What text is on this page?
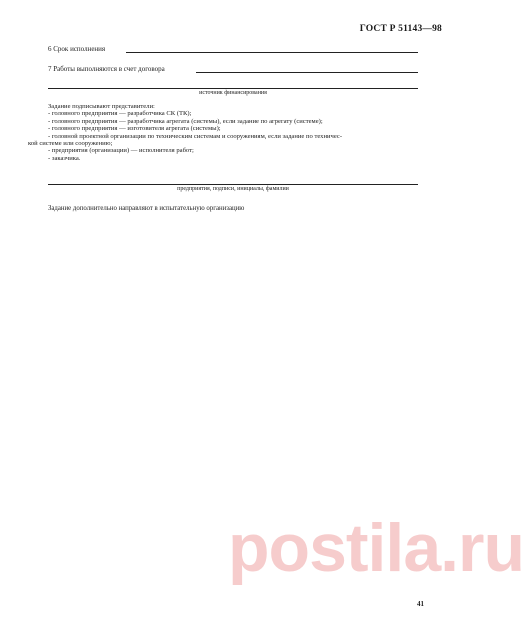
ГОСТ Р 51143—98
6 Срок исполнения
7 Работы выполняются в счет договора
источник финансирования
Задание подписывают представители:
- головного предприятия — разработчика СК (ТК);
- головного предприятия — разработчика агрегата (системы), если задание по агрегату (системе);
- головного предприятия — изготовителя агрегата (системы);
- головной проектной организации по техническим системам и сооружениям, если задание по техничес-
кой системе или сооружению;
- предприятия (организации) — исполнителя работ;
- заказчика.
предприятия, подписи, инициалы, фамилии
Задание дополнительно направляют в испытательную организацию
postila.ru
41
